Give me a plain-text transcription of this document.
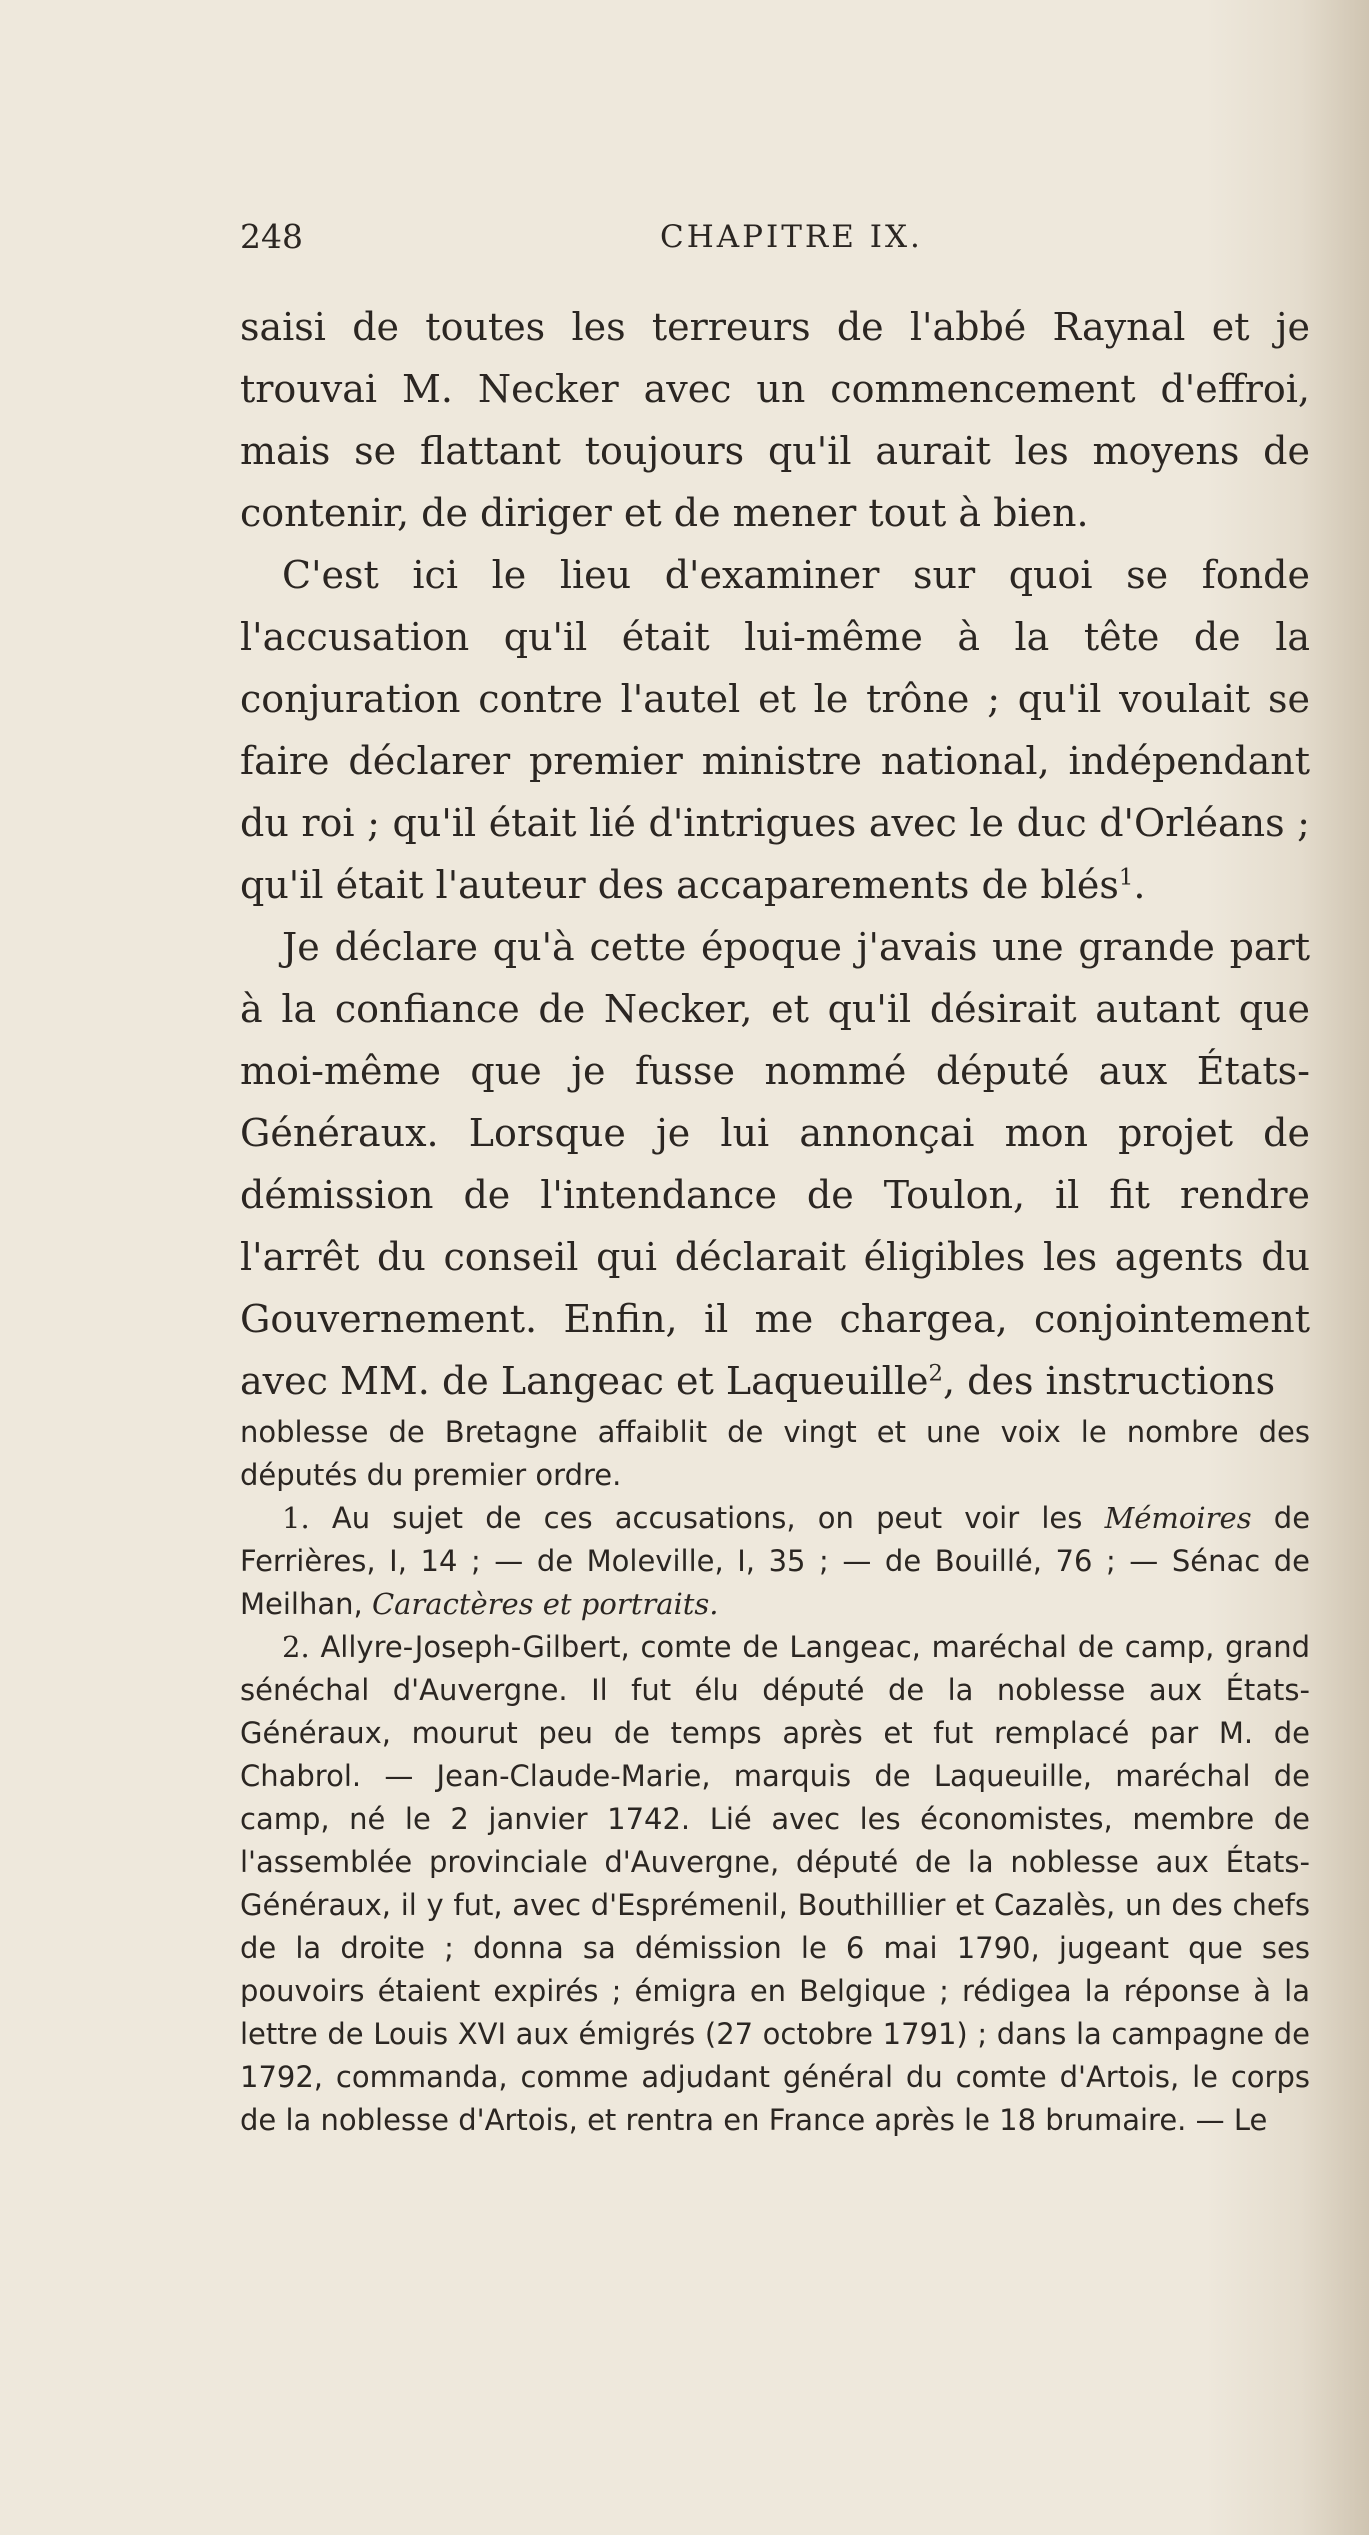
248	CHAPITRE IX.

saisi de toutes les terreurs de l'abbé Raynal et je trouvai M. Necker avec un commencement d'effroi, mais se flattant toujours qu'il aurait les moyens de contenir, de diriger et de mener tout à bien.

C'est ici le lieu d'examiner sur quoi se fonde l'accusation qu'il était lui-même à la tête de la conjuration contre l'autel et le trône ; qu'il voulait se faire déclarer premier ministre national, indépendant du roi ; qu'il était lié d'intrigues avec le duc d'Orléans ; qu'il était l'auteur des accaparements de blés$^1$.

Je déclare qu'à cette époque j'avais une grande part à la confiance de Necker, et qu'il désirait autant que moi-même que je fusse nommé député aux États-Généraux. Lorsque je lui annonçai mon projet de démission de l'intendance de Toulon, il fit rendre l'arrêt du conseil qui déclarait éligibles les agents du Gouvernement. Enfin, il me chargea, conjointement avec MM. de Langeac et Laqueuille$^2$, des instructions

noblesse de Bretagne affaiblit de vingt et une voix le nombre des députés du premier ordre.

1. Au sujet de ces accusations, on peut voir les Mémoires de Ferrières, I, 14 ; — de Moleville, I, 35 ; — de Bouillé, 76 ; — Sénac de Meilhan, Caractères et portraits.

2. Allyre-Joseph-Gilbert, comte de Langeac, maréchal de camp, grand sénéchal d'Auvergne. Il fut élu député de la noblesse aux États-Généraux, mourut peu de temps après et fut remplacé par M. de Chabrol. — Jean-Claude-Marie, marquis de Laqueuille, maréchal de camp, né le 2 janvier 1742. Lié avec les économistes, membre de l'assemblée provinciale d'Auvergne, député de la noblesse aux États-Généraux, il y fut, avec d'Esprémenil, Bouthillier et Cazalès, un des chefs de la droite ; donna sa démission le 6 mai 1790, jugeant que ses pouvoirs étaient expirés ; émigra en Belgique ; rédigea la réponse à la lettre de Louis XVI aux émigrés (27 octobre 1791) ; dans la campagne de 1792, commanda, comme adjudant général du comte d'Artois, le corps de la noblesse d'Artois, et rentra en France après le 18 brumaire. — Le
